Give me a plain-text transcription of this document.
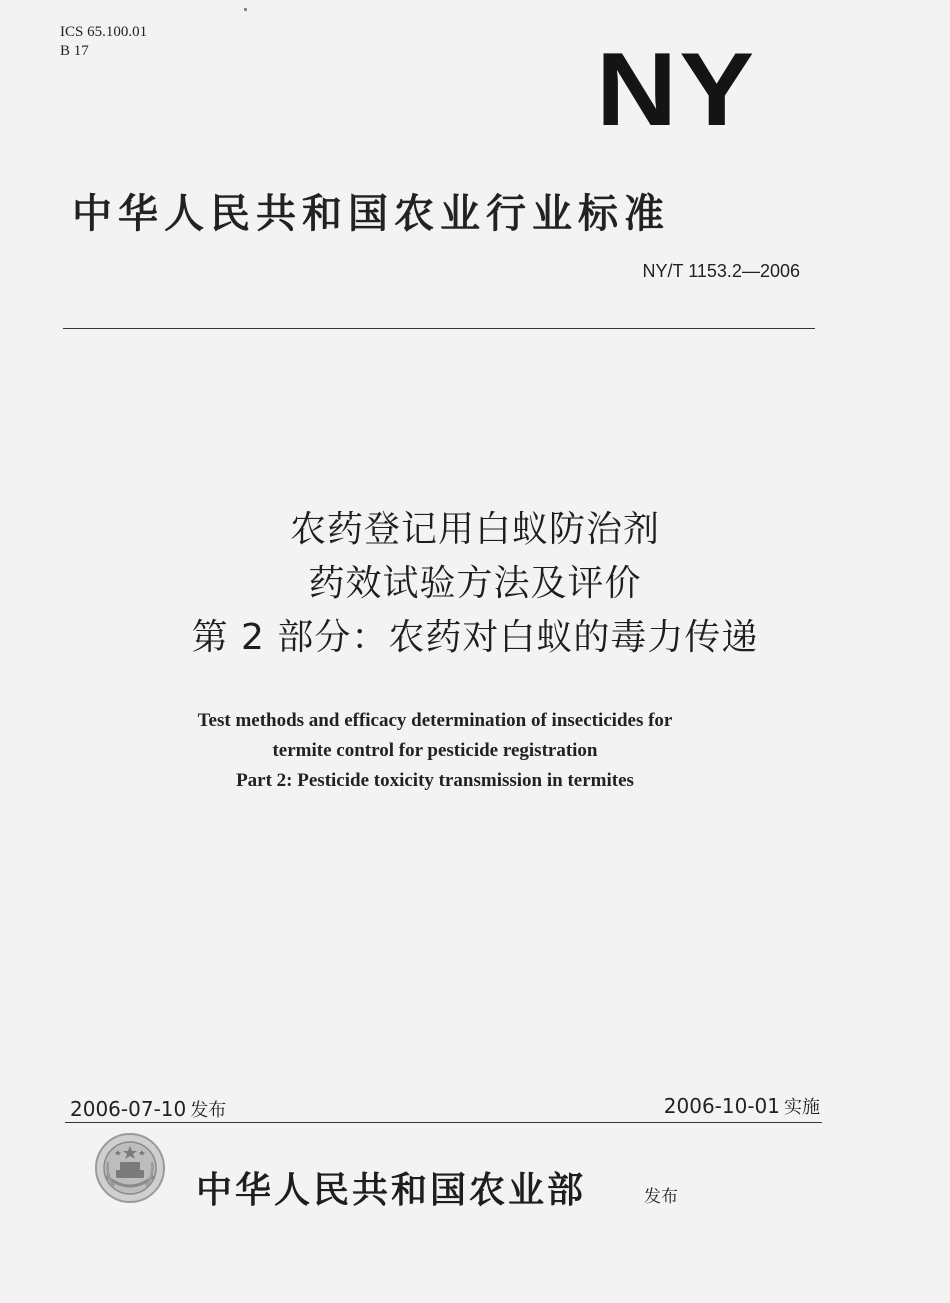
ICS 65.100.01
B 17	NY
中华人民共和国农业行业标准
NY/T 1153.2—2006
农药登记用白蚁防治剂
药效试验方法及评价
第 2 部分：农药对白蚁的毒力传递
Test methods and efficacy determination of insecticides for
termite control for pesticide registration
Part 2: Pesticide toxicity transmission in termites
2006-07-10 发布	2006-10-01 实施
中华人民共和国农业部	发布
